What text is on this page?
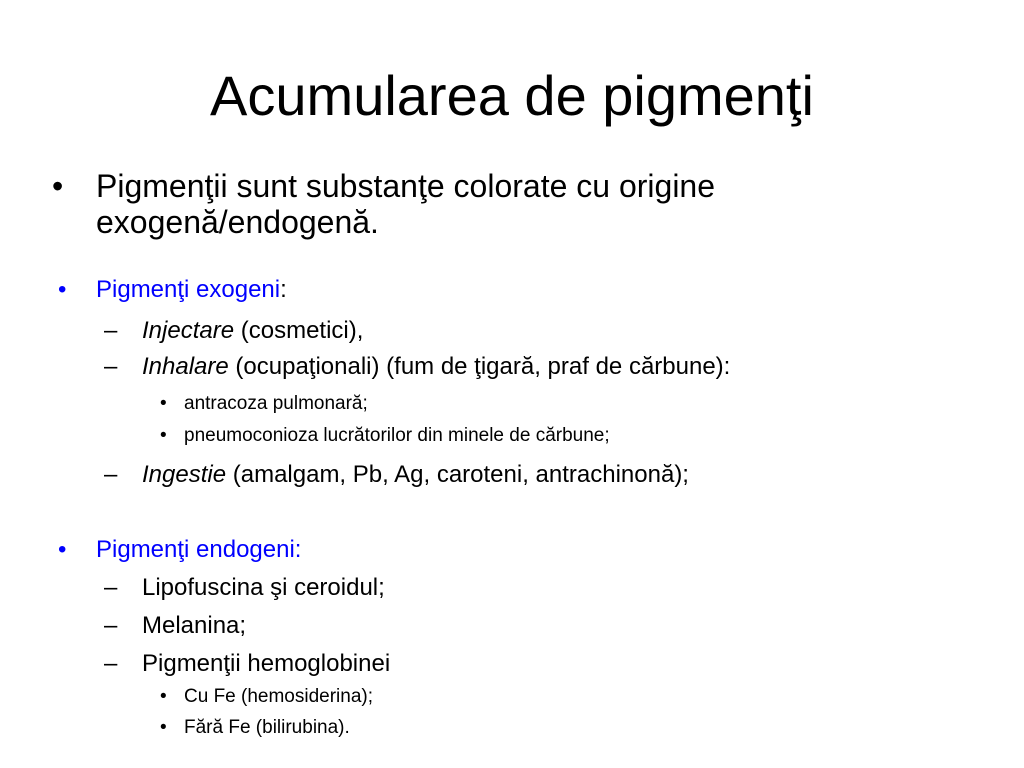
Acumularea de pigmenţi
• Pigmenţii sunt substanţe colorate cu origine
exogenă/endogenă.
• Pigmenţi exogeni:
– Injectare (cosmetici),
– Inhalare (ocupaţionali) (fum de ţigară, praf de cărbune):
• antracoza pulmonară;
• pneumoconioza lucrătorilor din minele de cărbune;
– Ingestie (amalgam, Pb, Ag, caroteni, antrachinonă);
• Pigmenţi endogeni:
– Lipofuscina şi ceroidul;
– Melanina;
– Pigmenţii hemoglobinei
• Cu Fe (hemosiderina);
• Fără Fe (bilirubina).
